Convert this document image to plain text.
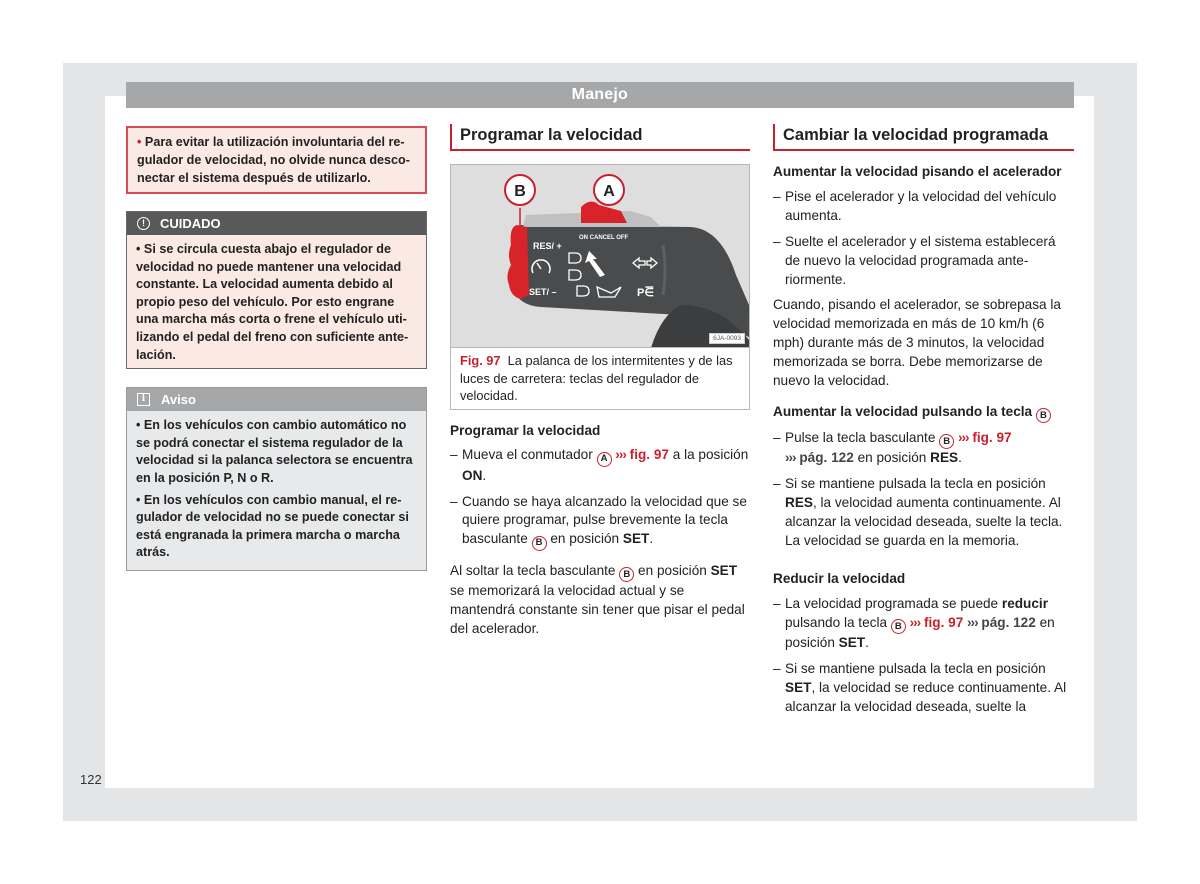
Manejo
• Para evitar la utilización involuntaria del regulador de velocidad, no olvide nunca desconectar el sistema después de utilizarlo.
!	CUIDADO
• Si se circula cuesta abajo el regulador de velocidad no puede mantener una velocidad constante. La velocidad aumenta debido al propio peso del vehículo. Por esto engrane una marcha más corta o frene el vehículo utilizando el pedal del freno con suficiente antelación.
i	Aviso

• En los vehículos con cambio automático no se podrá conectar el sistema regulador de la velocidad si la palanca selectora se encuentra en la posición P, N o R.

• En los vehículos con cambio manual, el regulador de velocidad no se puede conectar si está engranada la primera marcha o marcha atrás.

Programar la velocidad
B	A
ON CANCEL OFF
RES/ +
SET/ –	P⋶
6JA-0093
Fig. 97 La palanca de los intermitentes y de las luces de carretera: teclas del regulador de velocidad.
Programar la velocidad
– Mueva el conmutador A ››› fig. 97 a la posición ON.
– Cuando se haya alcanzado la velocidad que se quiere programar, pulse brevemente la tecla basculante B en posición SET.

Al soltar la tecla basculante B en posición SET se memorizará la velocidad actual y se mantendrá constante sin tener que pisar el pedal del acelerador.

Cambiar la velocidad programada
Aumentar la velocidad pisando el acelerador
– Pise el acelerador y la velocidad del vehículo aumenta.
– Suelte el acelerador y el sistema establecerá de nuevo la velocidad programada anteriormente.

Cuando, pisando el acelerador, se sobrepasa la velocidad memorizada en más de 10 km/h (6 mph) durante más de 3 minutos, la velocidad memorizada se borra. Debe memorizarse de nuevo la velocidad.

Aumentar la velocidad pulsando la tecla B
– Pulse la tecla basculante B ››› fig. 97
››› pág. 122 en posición RES.
– Si se mantiene pulsada la tecla en posición RES, la velocidad aumenta continuamente. Al alcanzar la velocidad deseada, suelte la tecla. La velocidad se guarda en la memoria.
Reducir la velocidad
– La velocidad programada se puede reducir pulsando la tecla B ››› fig. 97 ››› pág. 122 en posición SET.
– Si se mantiene pulsada la tecla en posición SET, la velocidad se reduce continuamente. Al alcanzar la velocidad deseada, suelte la
122
